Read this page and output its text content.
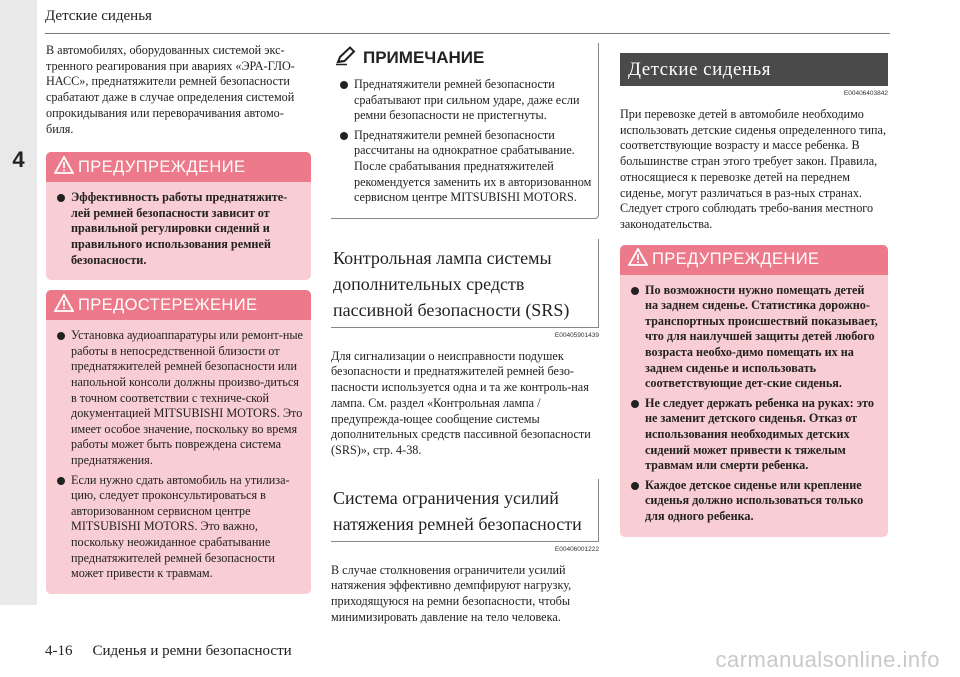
4
Детские сиденья

В автомобилях, оборудованных системой экс-тренного реагирования при авариях «ЭРА-ГЛО-НАСС», преднатяжители ремней безопасности срабатают даже в случае определения системой опрокидывания или переворачивания автомо-биля.

ПРЕДУПРЕЖДЕНИЕ
Эффективность работы преднатяжите-лей ремней безопасности зависит от правильной регулировки сидений и правильного использования ремней безопасности.
ПРЕДОСТЕРЕЖЕНИЕ
Установка аудиоаппаратуры или ремонт-ные работы в непосредственной близости от преднатяжителей ремней безопасности или напольной консоли должны произво-диться в точном соответствии с техниче-ской документацией MITSUBISHI MOTORS. Это имеет особое значение, поскольку во время работы может быть повреждена система преднатяжения.
Если нужно сдать автомобиль на утилиза-цию, следует проконсультироваться в авторизованном сервисном центре MITSUBISHI MOTORS. Это важно, поскольку неожиданное срабатывание преднатяжителей ремней безопасности может привести к травмам.
ПРИМЕЧАНИЕ
Преднатяжители ремней безопасности срабатывают при сильном ударе, даже если ремни безопасности не пристегнуты.
Преднатяжители ремней безопасности рассчитаны на однократное срабатывание. После срабатывания преднатяжителей рекомендуется заменить их в авторизованном сервисном центре MITSUBISHI MOTORS.
Контрольная лампа системы дополнительных средств пассивной безопасности (SRS)
E00405901439

Для сигнализации о неисправности подушек безопасности и преднатяжителей ремней безо-пасности используется одна и та же контроль-ная лампа. См. раздел «Контрольная лампа / предупрежда-ющее сообщение системы дополнительных средств пассивной безопасности (SRS)», стр. 4-38.

Система ограничения усилий натяжения ремней безопасности
E00406001222

В случае столкновения ограничители усилий натяжения эффективно демпфируют нагрузку, приходящуюся на ремни безопасности, чтобы минимизировать давление на тело человека.

Детские сиденья
E00406403842

При перевозке детей в автомобиле необходимо использовать детские сиденья определенного типа, соответствующие возрасту и массе ребенка. В большинстве стран этого требует закон. Правила, относящиеся к перевозке детей на переднем сиденье, могут различаться в раз-ных странах. Следует строго соблюдать требо-вания местного законодательства.

ПРЕДУПРЕЖДЕНИЕ
По возможности нужно помещать детей на заднем сиденье. Статистика дорожно-транспортных происшествий показывает, что для наилучшей защиты детей любого возраста необхо-димо помещать их на заднем сиденье и использовать соответствующие дет-ские сиденья.
Не следует держать ребенка на руках: это не заменит детского сиденья. Отказ от использования необходимых детских сидений может привести к тяжелым травмам или смерти ребенка.
Каждое детское сиденье или крепление сиденья должно использоваться только для одного ребенка.
4-16 Сиденья и ремни безопасности	carmanualsonline.info
